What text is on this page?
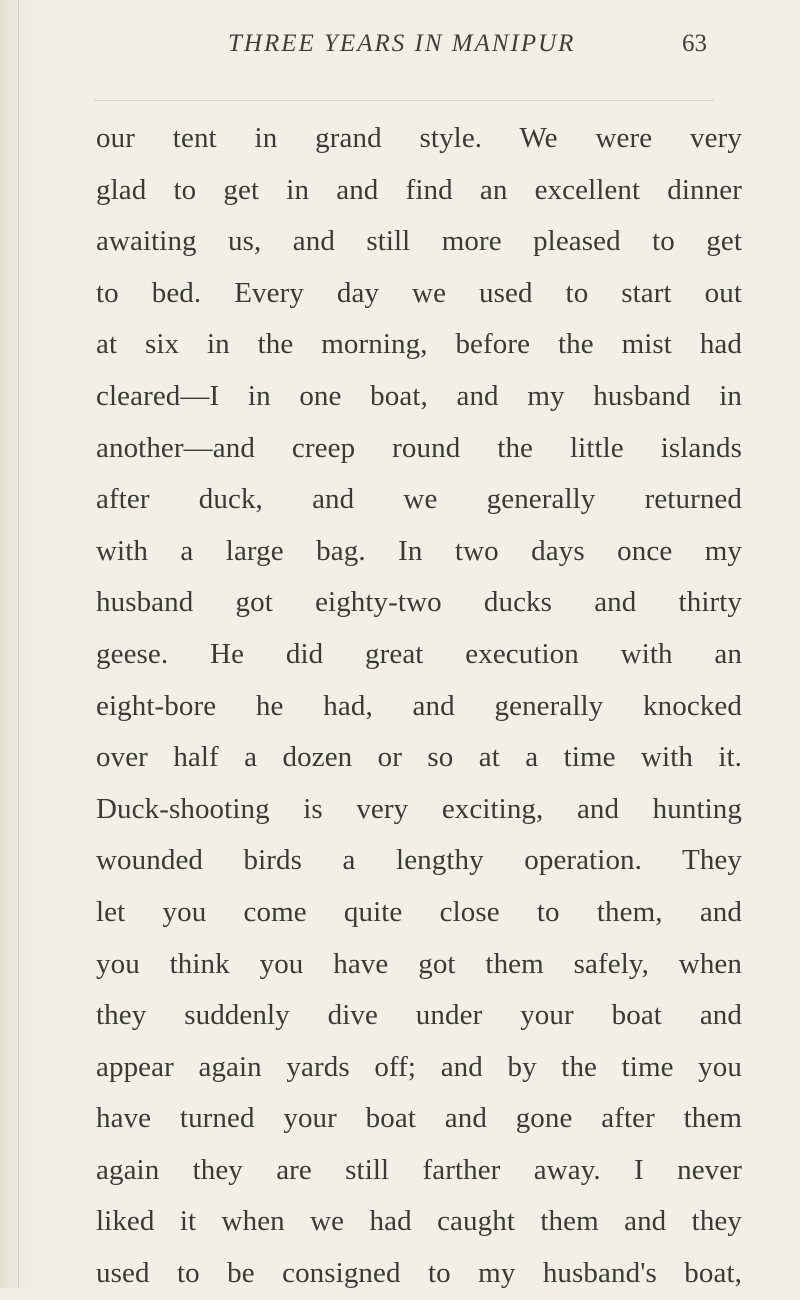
THREE YEARS IN MANIPUR	63
our tent in grand style. We were very
glad to get in and find an excellent dinner
awaiting us, and still more pleased to get
to bed. Every day we used to start out
at six in the morning, before the mist had
cleared—I in one boat, and my husband in
another—and creep round the little islands
after duck, and we generally returned
with a large bag. In two days once my
husband got eighty-two ducks and thirty
geese. He did great execution with an
eight-bore he had, and generally knocked
over half a dozen or so at a time with it.
Duck-shooting is very exciting, and hunting
wounded birds a lengthy operation. They
let you come quite close to them, and
you think you have got them safely, when
they suddenly dive under your boat and
appear again yards off; and by the time you
have turned your boat and gone after them
again they are still farther away. I never
liked it when we had caught them and they
used to be consigned to my husband's boat,
